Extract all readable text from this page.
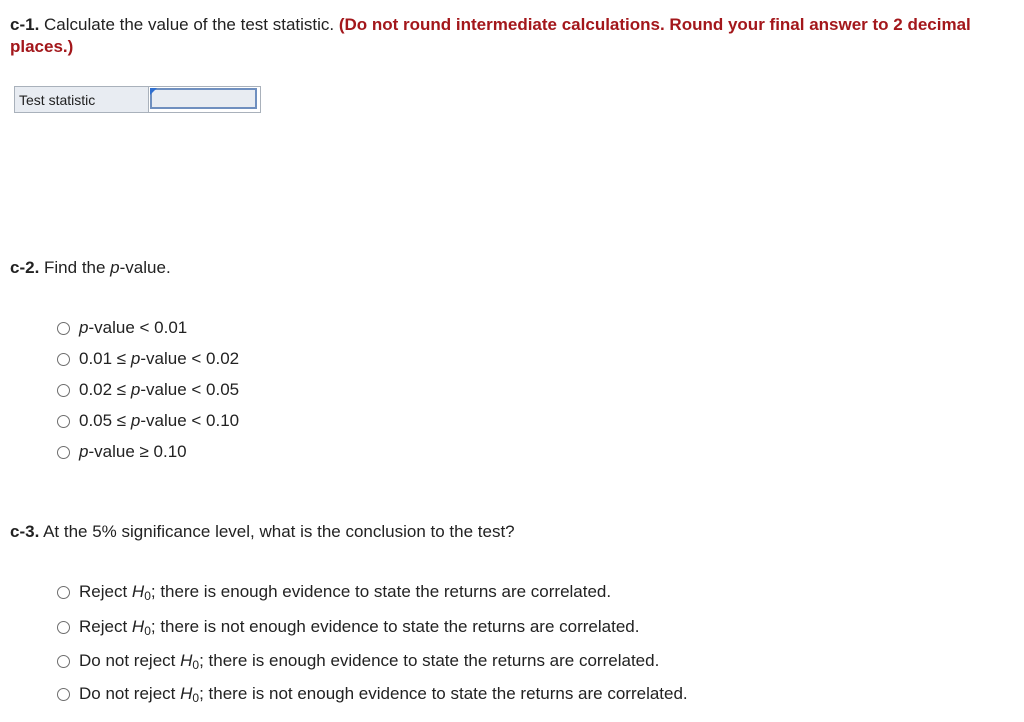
c-1. Calculate the value of the test statistic. (Do not round intermediate calculations. Round your final answer to 2 decimal places.)
Test statistic	
c-2. Find the p-value.
p-value < 0.01
0.01 ≤ p-value < 0.02
0.02 ≤ p-value < 0.05
0.05 ≤ p-value < 0.10
p-value ≥ 0.10
c-3. At the 5% significance level, what is the conclusion to the test?
Reject $H_0$; there is enough evidence to state the returns are correlated.
Reject $H_0$; there is not enough evidence to state the returns are correlated.
Do not reject $H_0$; there is enough evidence to state the returns are correlated.
Do not reject $H_0$; there is not enough evidence to state the returns are correlated.
